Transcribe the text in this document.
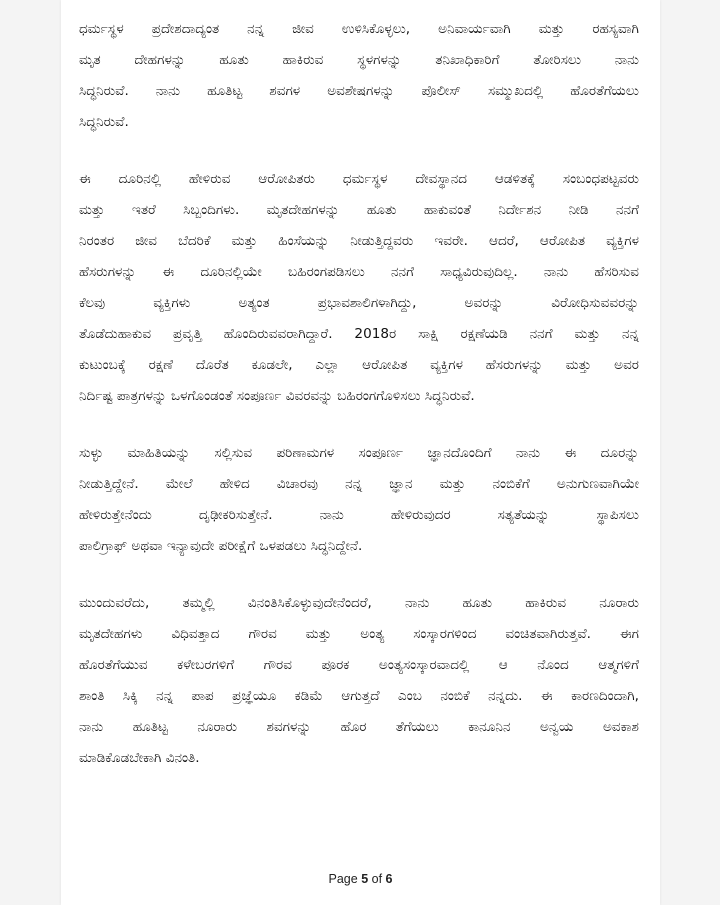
ಧರ್ಮಸ್ಥಳ ಪ್ರದೇಶದಾದ್ಯಂತ ನನ್ನ ಜೀವ ಉಳಿಸಿಕೊಳ್ಳಲು, ಅನಿವಾರ್ಯವಾಗಿ ಮತ್ತು ರಹಸ್ಯವಾಗಿ
ಮೃತ ದೇಹಗಳನ್ನು ಹೂತು ಹಾಕಿರುವ ಸ್ಥಳಗಳನ್ನು ತನಿಖಾಧಿಕಾರಿಗೆ ತೋರಿಸಲು ನಾನು
ಸಿದ್ಧನಿರುವೆ. ನಾನು ಹೂತಿಟ್ಟ ಶವಗಳ ಅವಶೇಷಗಳನ್ನು ಪೊಲೀಸ್ ಸಮ್ಮುಖದಲ್ಲಿ ಹೊರತೆಗೆಯಲು
ಸಿದ್ಧನಿರುವೆ.
ಈ ದೂರಿನಲ್ಲಿ ಹೇಳಿರುವ ಆರೋಪಿತರು ಧರ್ಮಸ್ಥಳ ದೇವಸ್ಥಾನದ ಆಡಳಿತಕ್ಕೆ ಸಂಬಂಧಪಟ್ಟವರು
ಮತ್ತು ಇತರೆ ಸಿಬ್ಬಂದಿಗಳು. ಮೃತದೇಹಗಳನ್ನು ಹೂತು ಹಾಕುವಂತೆ ನಿರ್ದೇಶನ ನೀಡಿ ನನಗೆ
ನಿರಂತರ ಜೀವ ಬೆದರಿಕೆ ಮತ್ತು ಹಿಂಸೆಯನ್ನು ನೀಡುತ್ತಿದ್ದವರು ಇವರೇ. ಆದರೆ, ಆರೋಪಿತ ವ್ಯಕ್ತಿಗಳ
ಹೆಸರುಗಳನ್ನು ಈ ದೂರಿನಲ್ಲಿಯೇ ಬಹಿರಂಗಪಡಿಸಲು ನನಗೆ ಸಾಧ್ಯವಿರುವುದಿಲ್ಲ. ನಾನು ಹೆಸರಿಸುವ
ಕೆಲವು ವ್ಯಕ್ತಿಗಳು ಅತ್ಯಂತ ಪ್ರಭಾವಶಾಲಿಗಳಾಗಿದ್ದು, ಅವರನ್ನು ವಿರೋಧಿಸುವವರನ್ನು
ತೊಡೆದುಹಾಕುವ ಪ್ರವೃತ್ತಿ ಹೊಂದಿರುವವರಾಗಿದ್ದಾರೆ. 2018ರ ಸಾಕ್ಷಿ ರಕ್ಷಣೆಯಡಿ ನನಗೆ ಮತ್ತು ನನ್ನ
ಕುಟುಂಬಕ್ಕೆ ರಕ್ಷಣೆ ದೊರೆತ ಕೂಡಲೇ, ಎಲ್ಲಾ ಆರೋಪಿತ ವ್ಯಕ್ತಿಗಳ ಹೆಸರುಗಳನ್ನು ಮತ್ತು ಅವರ
ನಿರ್ದಿಷ್ಟ ಪಾತ್ರಗಳನ್ನು ಒಳಗೊಂಡಂತೆ ಸಂಪೂರ್ಣ ವಿವರವನ್ನು ಬಹಿರಂಗಗೊಳಿಸಲು ಸಿದ್ಧನಿರುವೆ.
ಸುಳ್ಳು ಮಾಹಿತಿಯನ್ನು ಸಲ್ಲಿಸುವ ಪರಿಣಾಮಗಳ ಸಂಪೂರ್ಣ ಜ್ಞಾನದೊಂದಿಗೆ ನಾನು ಈ ದೂರನ್ನು
ನೀಡುತ್ತಿದ್ದೇನೆ. ಮೇಲೆ ಹೇಳಿದ ವಿಚಾರವು ನನ್ನ ಜ್ಞಾನ ಮತ್ತು ನಂಬಿಕೆಗೆ ಅನುಗುಣವಾಗಿಯೇ
ಹೇಳಿರುತ್ತೇನೆಂದು ದೃಢೀಕರಿಸುತ್ತೇನೆ. ನಾನು ಹೇಳಿರುವುದರ ಸತ್ಯತೆಯನ್ನು ಸ್ಥಾಪಿಸಲು
ಪಾಲಿಗ್ರಾಫ್ ಅಥವಾ ಇನ್ಯಾವುದೇ ಪರೀಕ್ಷೆಗೆ ಒಳಪಡಲು ಸಿದ್ಧನಿದ್ದೇನೆ.
ಮುಂದುವರೆದು, ತಮ್ಮಲ್ಲಿ ವಿನಂತಿಸಿಕೊಳ್ಳುವುದೇನೆಂದರೆ, ನಾನು ಹೂತು ಹಾಕಿರುವ ನೂರಾರು
ಮೃತದೇಹಗಳು ವಿಧಿವತ್ತಾದ ಗೌರವ ಮತ್ತು ಅಂತ್ಯ ಸಂಸ್ಕಾರಗಳಿಂದ ವಂಚಿತವಾಗಿರುತ್ತವೆ. ಈಗ
ಹೊರತೆಗೆಯುವ ಕಳೇಬರಗಳಿಗೆ ಗೌರವ ಪೂರಕ ಅಂತ್ಯಸಂಸ್ಕಾರವಾದಲ್ಲಿ ಆ ನೊಂದ ಆತ್ಮಗಳಿಗೆ
ಶಾಂತಿ ಸಿಕ್ಕಿ ನನ್ನ ಪಾಪ ಪ್ರಜ್ಞೆಯೂ ಕಡಿಮೆ ಆಗುತ್ತದೆ ಎಂಬ ನಂಬಿಕೆ ನನ್ನದು. ಈ ಕಾರಣದಿಂದಾಗಿ,
ನಾನು ಹೂತಿಟ್ಟ ನೂರಾರು ಶವಗಳನ್ನು ಹೊರ ತೆಗೆಯಲು ಕಾನೂನಿನ ಅನ್ವಯ ಅವಕಾಶ
ಮಾಡಿಕೊಡಬೇಕಾಗಿ ವಿನಂತಿ.
Page 5 of 6
